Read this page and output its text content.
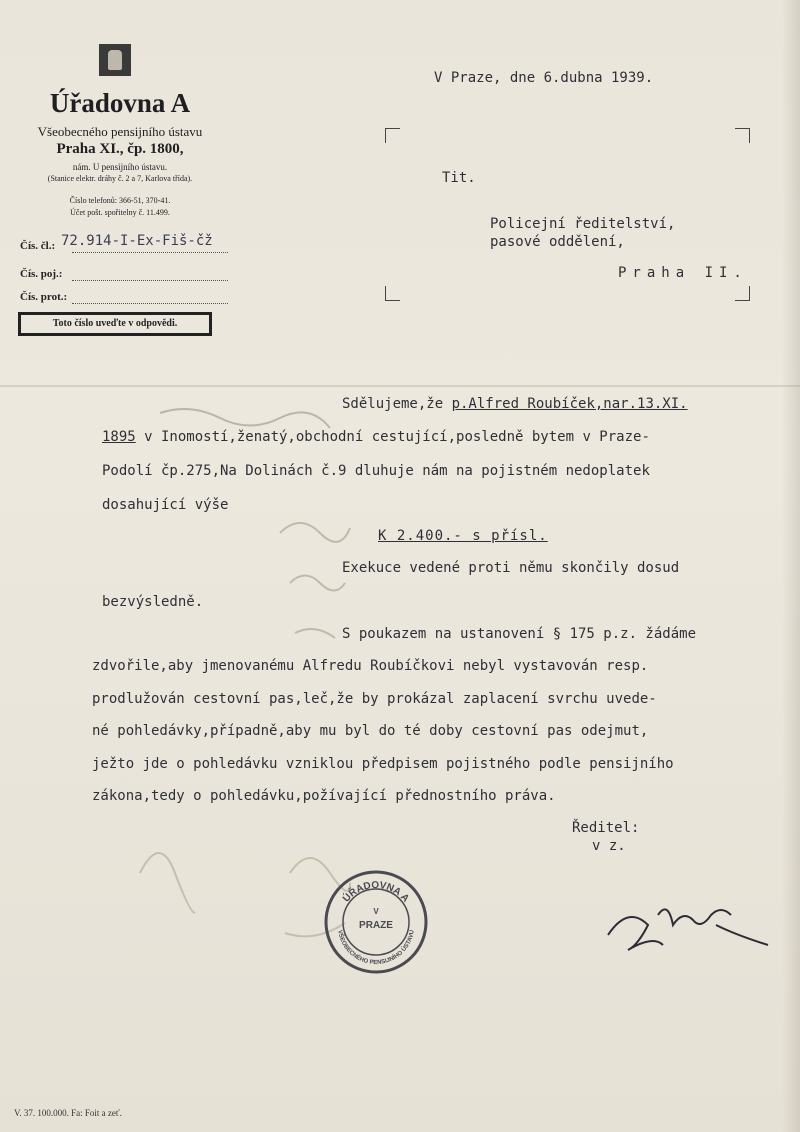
Úřadovna A
Všeobecného pensijního ústavu
Praha XI., čp. 1800,
nám. U pensijního ústavu.
(Stanice elektr. dráhy č. 2 a 7, Karlova třída).
Číslo telefonů: 366-51, 370-41.
Účet pošt. spořitelny č. 11.499.
Čís. čl.: 72.914-I-Ex-Fiš-čž
Čís. poj.:
Čís. prot.:
Toto číslo uveďte v odpovědi.
V Praze, dne 6.dubna 1939.
Tit.
Policejní ředitelství,
pasové oddělení,
Praha II.
Sdělujeme,že p.Alfred Roubíček,nar.13.XI.
1895 v Inomostí,ženatý,obchodní cestující,posledně bytem v Praze-
Podolí čp.275,Na Dolinách č.9 dluhuje nám na pojistném nedoplatek
dosahující výše
K 2.400.- s přísl.
Exekuce vedené proti němu skončily dosud
bezvýsledně.
S poukazem na ustanovení § 175 p.z. žádáme
zdvořile,aby jmenovanému Alfredu Roubíčkovi nebyl vystavován resp.
prodlužován cestovní pas,leč,že by prokázal zaplacení svrchu uvede-
né pohledávky,případně,aby mu byl do té doby cestovní pas odejmut,
ježto jde o pohledávku vzniklou předpisem pojistného podle pensijního
zákona,tedy o pohledávku,požívající přednostního práva.
Ředitel:
v z.
ÚŘADOVNA A
V
PRAZE
VŠEOBECNÉHO PENSIJNÍHO ÚSTAVU
V. 37. 100.000. Fa: Foit a zeť.
